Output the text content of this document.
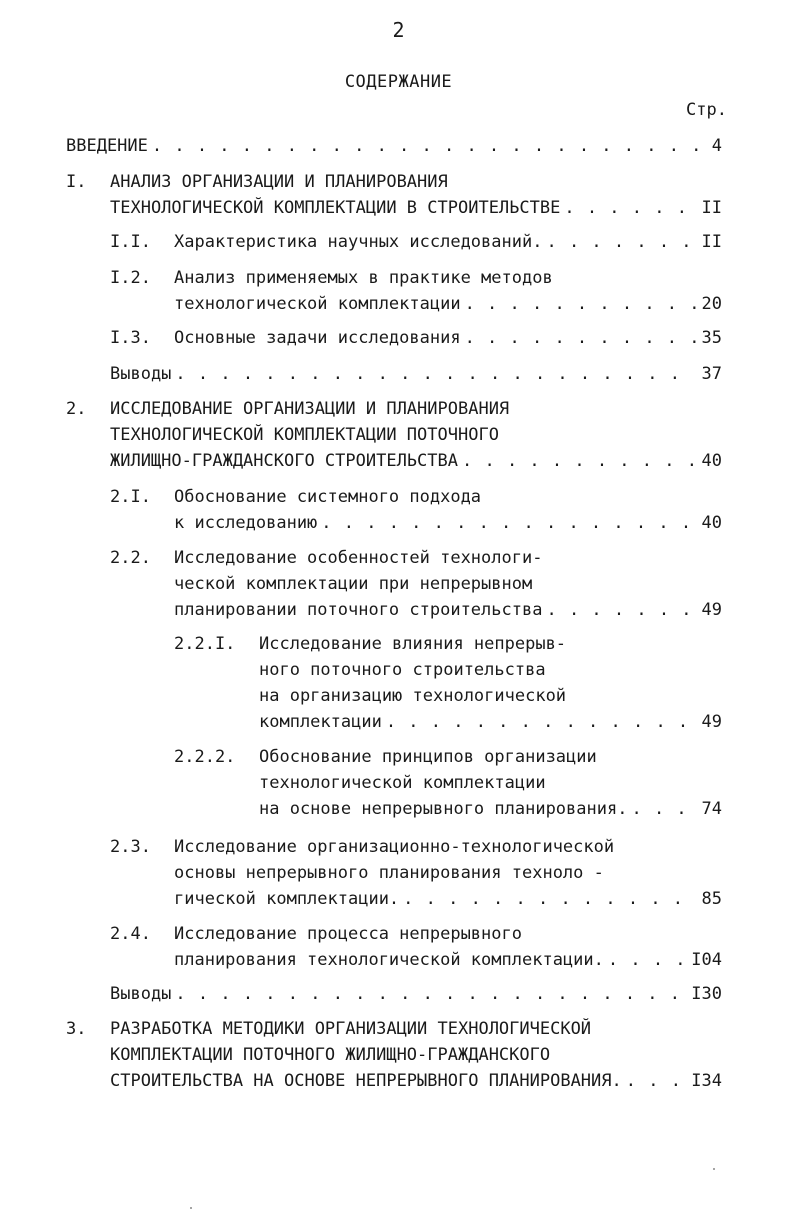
2
СОДЕРЖАНИЕ
Стр.
ВВЕДЕНИЕ . . .	4
I. АНАЛИЗ ОРГАНИЗАЦИИ И ПЛАНИРОВАНИЯ
ТЕХНОЛОГИЧЕСКОЙ КОМПЛЕКТАЦИИ В СТРОИТЕЛЬСТВЕ . . .	II
I.I. Характеристика научных исследований. . . .	II
I.2. Анализ применяемых в практике методов
технологической комплектации . . .	20
I.3. Основные задачи исследования . . .	35
Выводы . . .	37
2. ИССЛЕДОВАНИЕ ОРГАНИЗАЦИИ И ПЛАНИРОВАНИЯ
ТЕХНОЛОГИЧЕСКОЙ КОМПЛЕКТАЦИИ ПОТОЧНОГО
ЖИЛИЩНО-ГРАЖДАНСКОГО СТРОИТЕЛЬСТВА . . .	40
2.I. Обоснование системного подхода
к исследованию . . .	40
2.2. Исследование особенностей технологи-
ческой комплектации при непрерывном
планировании поточного строительства . . .	49
2.2.I. Исследование влияния непрерыв-
ного поточного строительства
на организацию технологической
комплектации . . .	49
2.2.2. Обоснование принципов организации
технологической комплектации
на основе непрерывного планирования. . . .	74
2.3. Исследование организационно-технологической
основы непрерывного планирования техноло -
гической комплектации. . . .	85
2.4. Исследование процесса непрерывного
планирования технологической комплектации. . . .	I04
Выводы . . .	I30
3. РАЗРАБОТКА МЕТОДИКИ ОРГАНИЗАЦИИ ТЕХНОЛОГИЧЕСКОЙ
КОМПЛЕКТАЦИИ ПОТОЧНОГО ЖИЛИЩНО-ГРАЖДАНСКОГО
СТРОИТЕЛЬСТВА НА ОСНОВЕ НЕПРЕРЫВНОГО ПЛАНИРОВАНИЯ. . . .	I34
